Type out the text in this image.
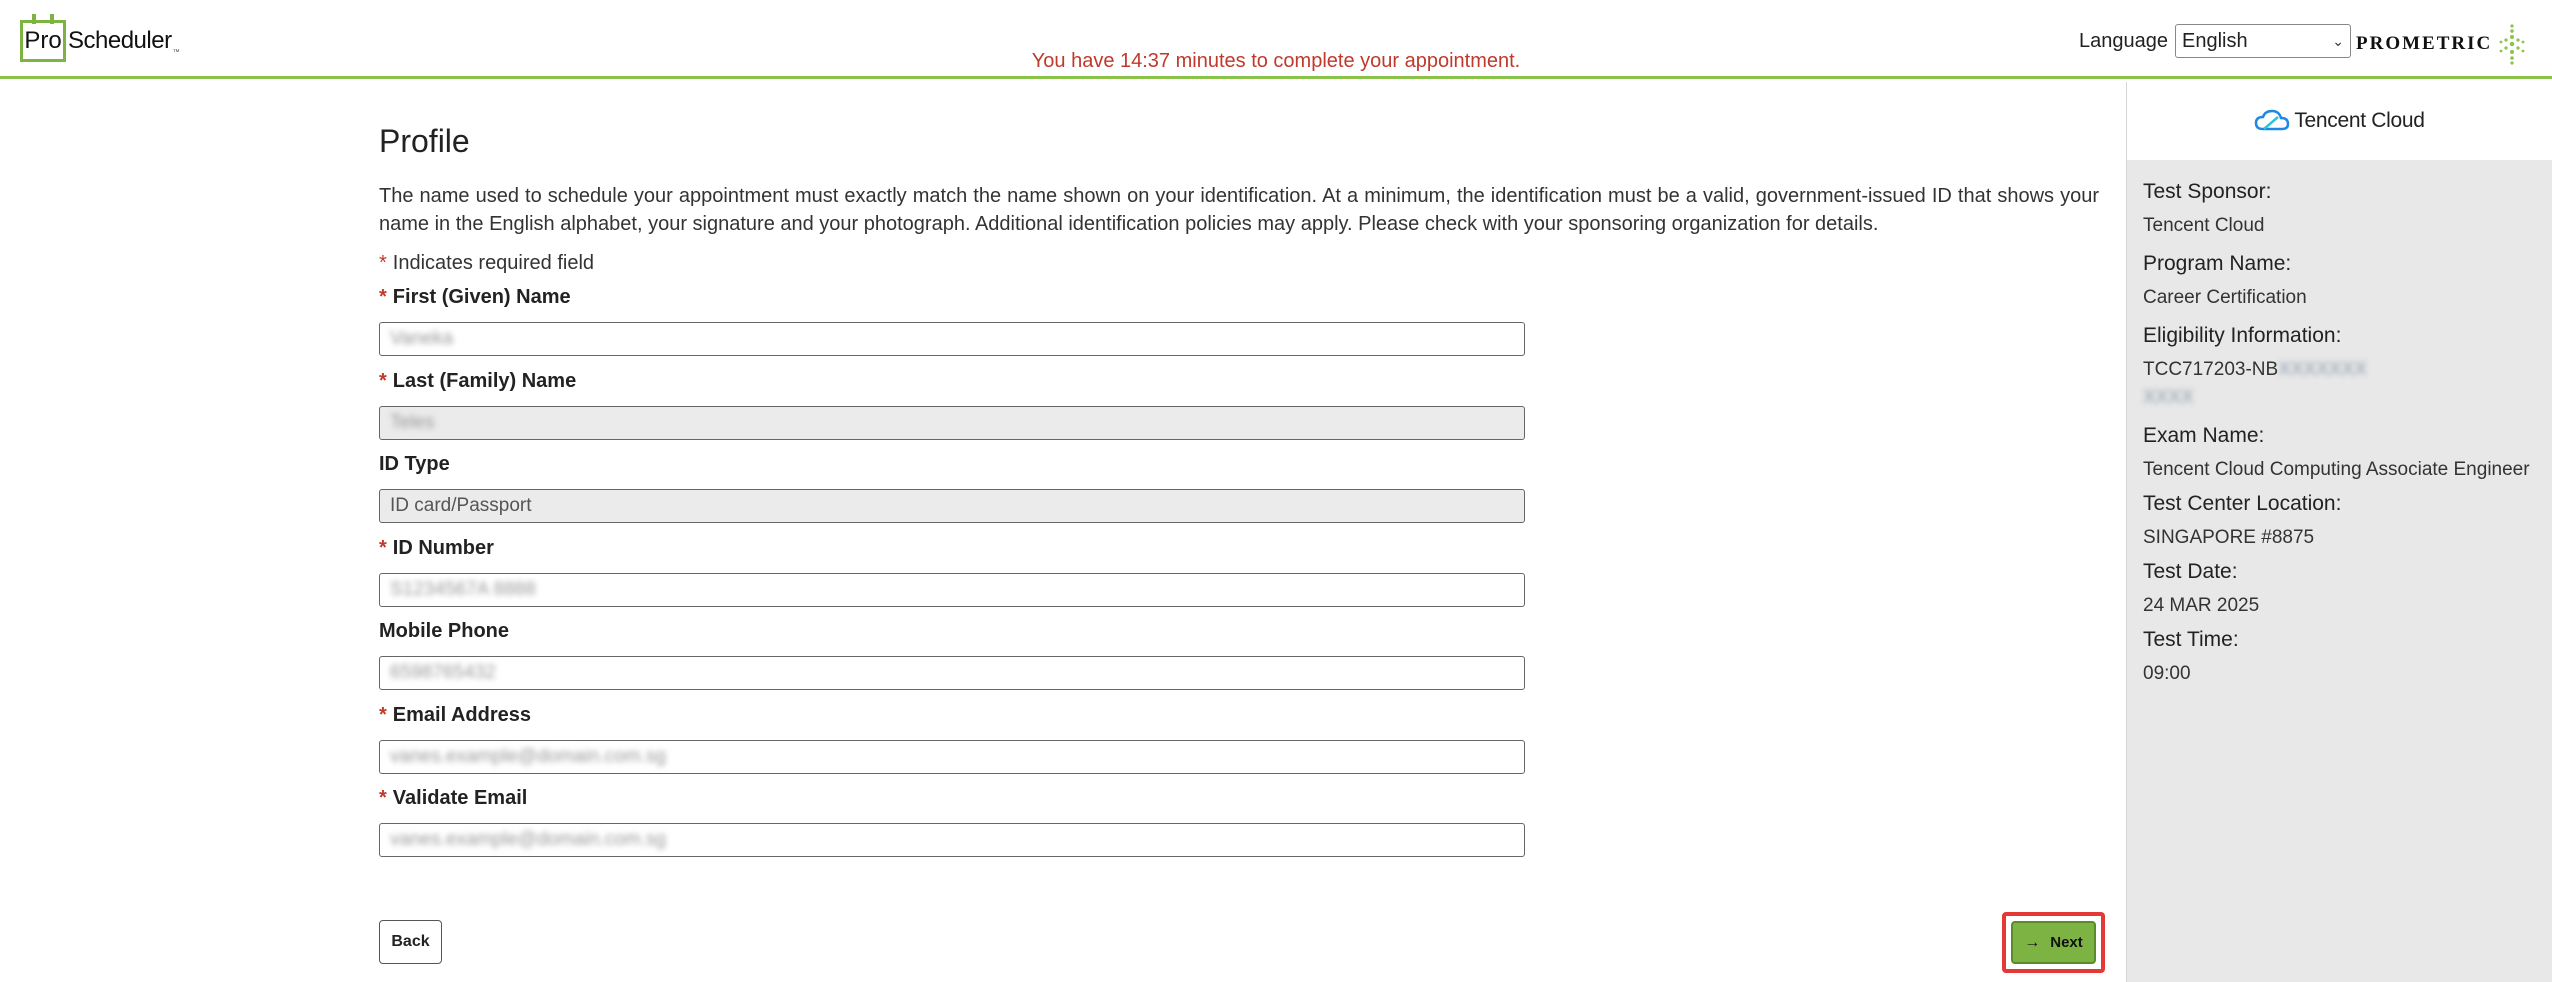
Pro Scheduler ™	You have 14:37 minutes to complete your appointment.
Language English	⌄ PROMETRIC
Profile

The name used to schedule your appointment must exactly match the name shown on your identification. At a minimum, the identification must be a valid, government-issued ID that shows your name in the English alphabet, your signature and your photograph. Additional identification policies may apply. Please check with your sponsoring organization for details.

* Indicates required field
* First (Given) Name
Vaneka
* Last (Family) Name
Teles
ID Type
ID card/Passport
* ID Number
S1234567A 8888
Mobile Phone
6598765432
* Email Address
vanes.example@domain.com.sg
* Validate Email
vanes.example@domain.com.sg
Back	→ Next
Tencent Cloud
Test Sponsor:
Tencent Cloud
Program Name:
Career Certification
Eligibility Information:
TCC717203-NBXXXXXXX
XXXX
Exam Name:
Tencent Cloud Computing Associate Engineer
Test Center Location:
SINGAPORE #8875
Test Date:
24 MAR 2025
Test Time:
09:00
